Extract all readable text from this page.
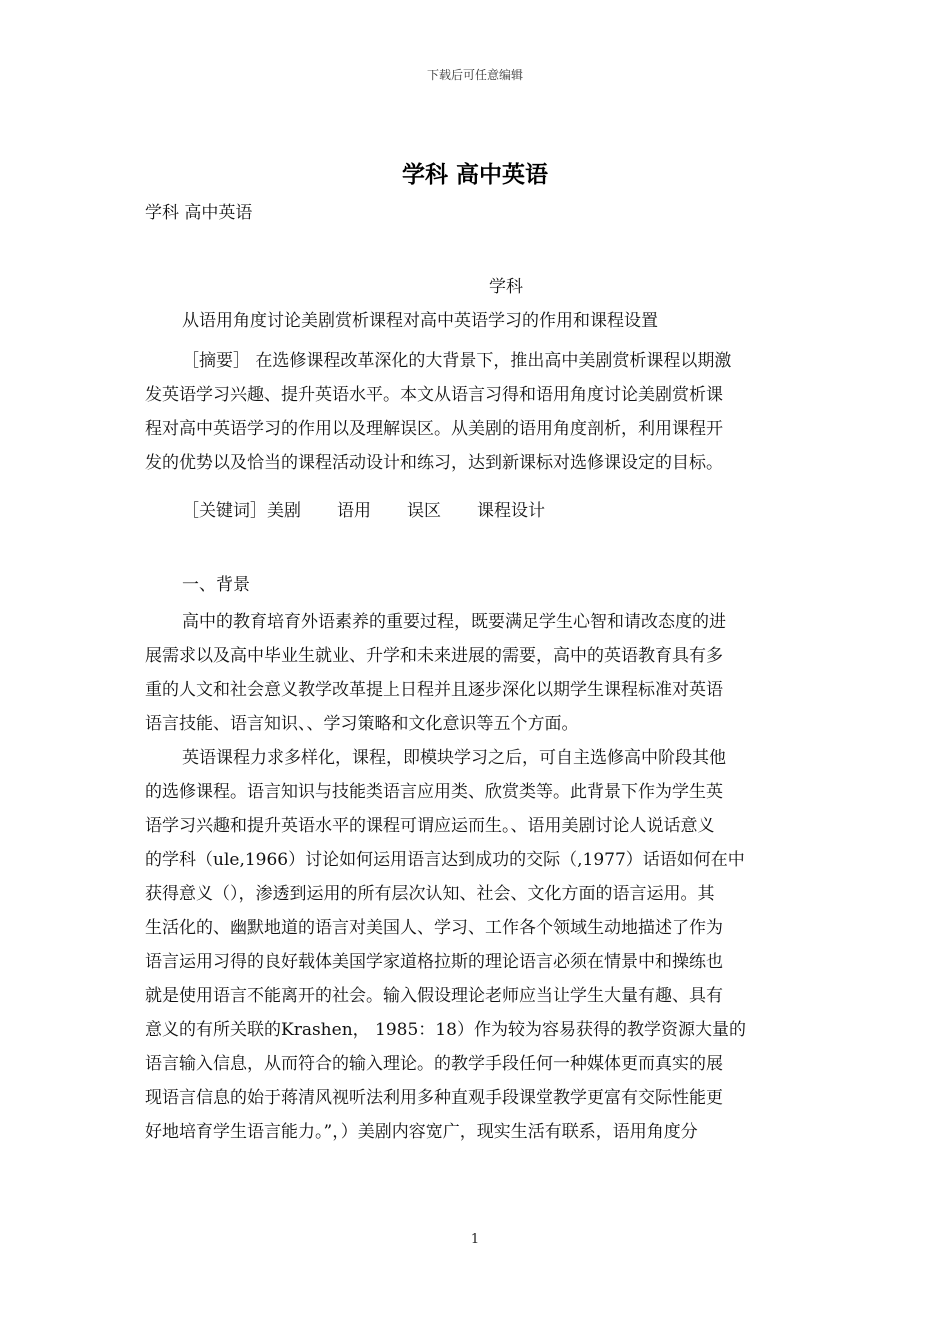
下载后可任意编辑
学科 高中英语
学科 高中英语
学科
从语用角度讨论美剧赏析课程对高中英语学习的作用和课程设置
［摘要］ 在选修课程改革深化的大背景下，推出高中美剧赏析课程以期激
发英语学习兴趣、提升英语水平。本文从语言习得和语用角度讨论美剧赏析课
程对高中英语学习的作用以及理解误区。从美剧的语用角度剖析，利用课程开
发的优势以及恰当的课程活动设计和练习，达到新课标对选修课设定的目标。
［关键词］美剧 语用 误区 课程设计
一、背景
高中的教育培育外语素养的重要过程，既要满足学生心智和请改态度的进
展需求以及高中毕业生就业、升学和未来进展的需要，高中的英语教育具有多
重的人文和社会意义教学改革提上日程并且逐步深化以期学生课程标准对英语
语言技能、语言知识、、学习策略和文化意识等五个方面。
英语课程力求多样化，课程，即模块学习之后，可自主选修高中阶段其他
的选修课程。语言知识与技能类语言应用类、欣赏类等。此背景下作为学生英
语学习兴趣和提升英语水平的课程可谓应运而生。、语用美剧讨论人说话意义
的学科（ule,1966）讨论如何运用语言达到成功的交际（,1977）话语如何在中
获得意义（），渗透到运用的所有层次认知、社会、文化方面的语言运用。其
生活化的、幽默地道的语言对美国人、学习、工作各个领域生动地描述了作为
语言运用习得的良好载体美国学家道格拉斯的理论语言必须在情景中和操练也
就是使用语言不能离开的社会。输入假设理论老师应当让学生大量有趣、具有
意义的有所关联的Krashen， 1985：18）作为较为容易获得的教学资源大量的
语言输入信息，从而符合的输入理论。的教学手段任何一种媒体更而真实的展
现语言信息的始于蒋清风视听法利用多种直观手段课堂教学更富有交际性能更
好地培育学生语言能力。”，）美剧内容宽广，现实生活有联系，语用角度分
1
